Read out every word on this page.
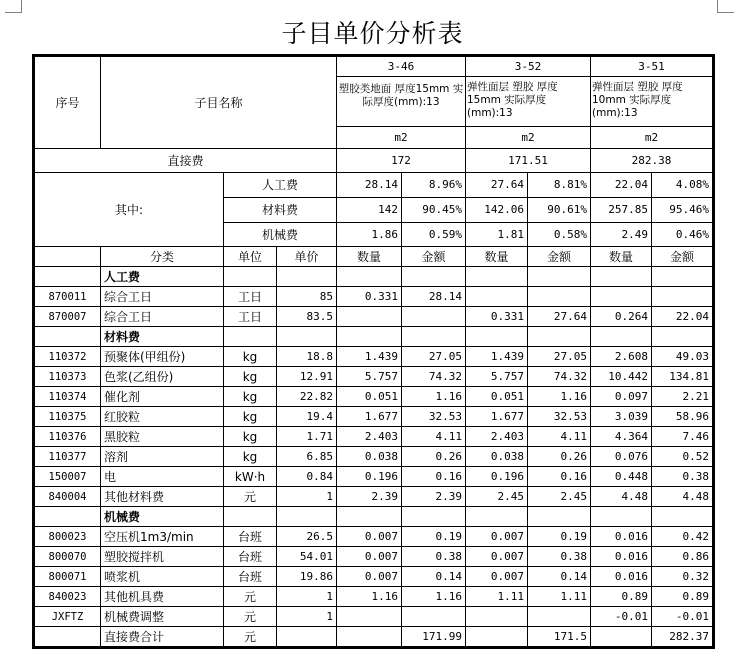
子目单价分析表
序号	子目名称			3-46		3-52		3-51	
				塑胶类地面 厚度15mm 实际厚度(mm):13		弹性面层 塑胶 厚度15mm 实际厚度(mm):13		弹性面层 塑胶 厚度10mm 实际厚度(mm):13	
				m2		m2		m2	
直接费				172		171.51		282.38	
其中:		人工费		28.14	8.96%	27.64	8.81%	22.04	4.08%
		材料费		142	90.45%	142.06	90.61%	257.85	95.46%
		机械费		1.86	0.59%	1.81	0.58%	2.49	0.46%
	分类	单位	单价	数量	金额	数量	金额	数量	金额
	人工费								
870011	综合工日	工日	85	0.331	28.14				
870007	综合工日	工日	83.5			0.331	27.64	0.264	22.04
	材料费								
110372	预聚体(甲组份)	kg	18.8	1.439	27.05	1.439	27.05	2.608	49.03
110373	色浆(乙组份)	kg	12.91	5.757	74.32	5.757	74.32	10.442	134.81
110374	催化剂	kg	22.82	0.051	1.16	0.051	1.16	0.097	2.21
110375	红胶粒	kg	19.4	1.677	32.53	1.677	32.53	3.039	58.96
110376	黑胶粒	kg	1.71	2.403	4.11	2.403	4.11	4.364	7.46
110377	溶剂	kg	6.85	0.038	0.26	0.038	0.26	0.076	0.52
150007	电	kW·h	0.84	0.196	0.16	0.196	0.16	0.448	0.38
840004	其他材料费	元	1	2.39	2.39	2.45	2.45	4.48	4.48
	机械费								
800023	空压机1m3/min	台班	26.5	0.007	0.19	0.007	0.19	0.016	0.42
800070	塑胶搅拌机	台班	54.01	0.007	0.38	0.007	0.38	0.016	0.86
800071	喷浆机	台班	19.86	0.007	0.14	0.007	0.14	0.016	0.32
840023	其他机具费	元	1	1.16	1.16	1.11	1.11	0.89	0.89
JXFTZ	机械费调整	元	1					-0.01	-0.01
	直接费合计	元			171.99		171.5		282.37
